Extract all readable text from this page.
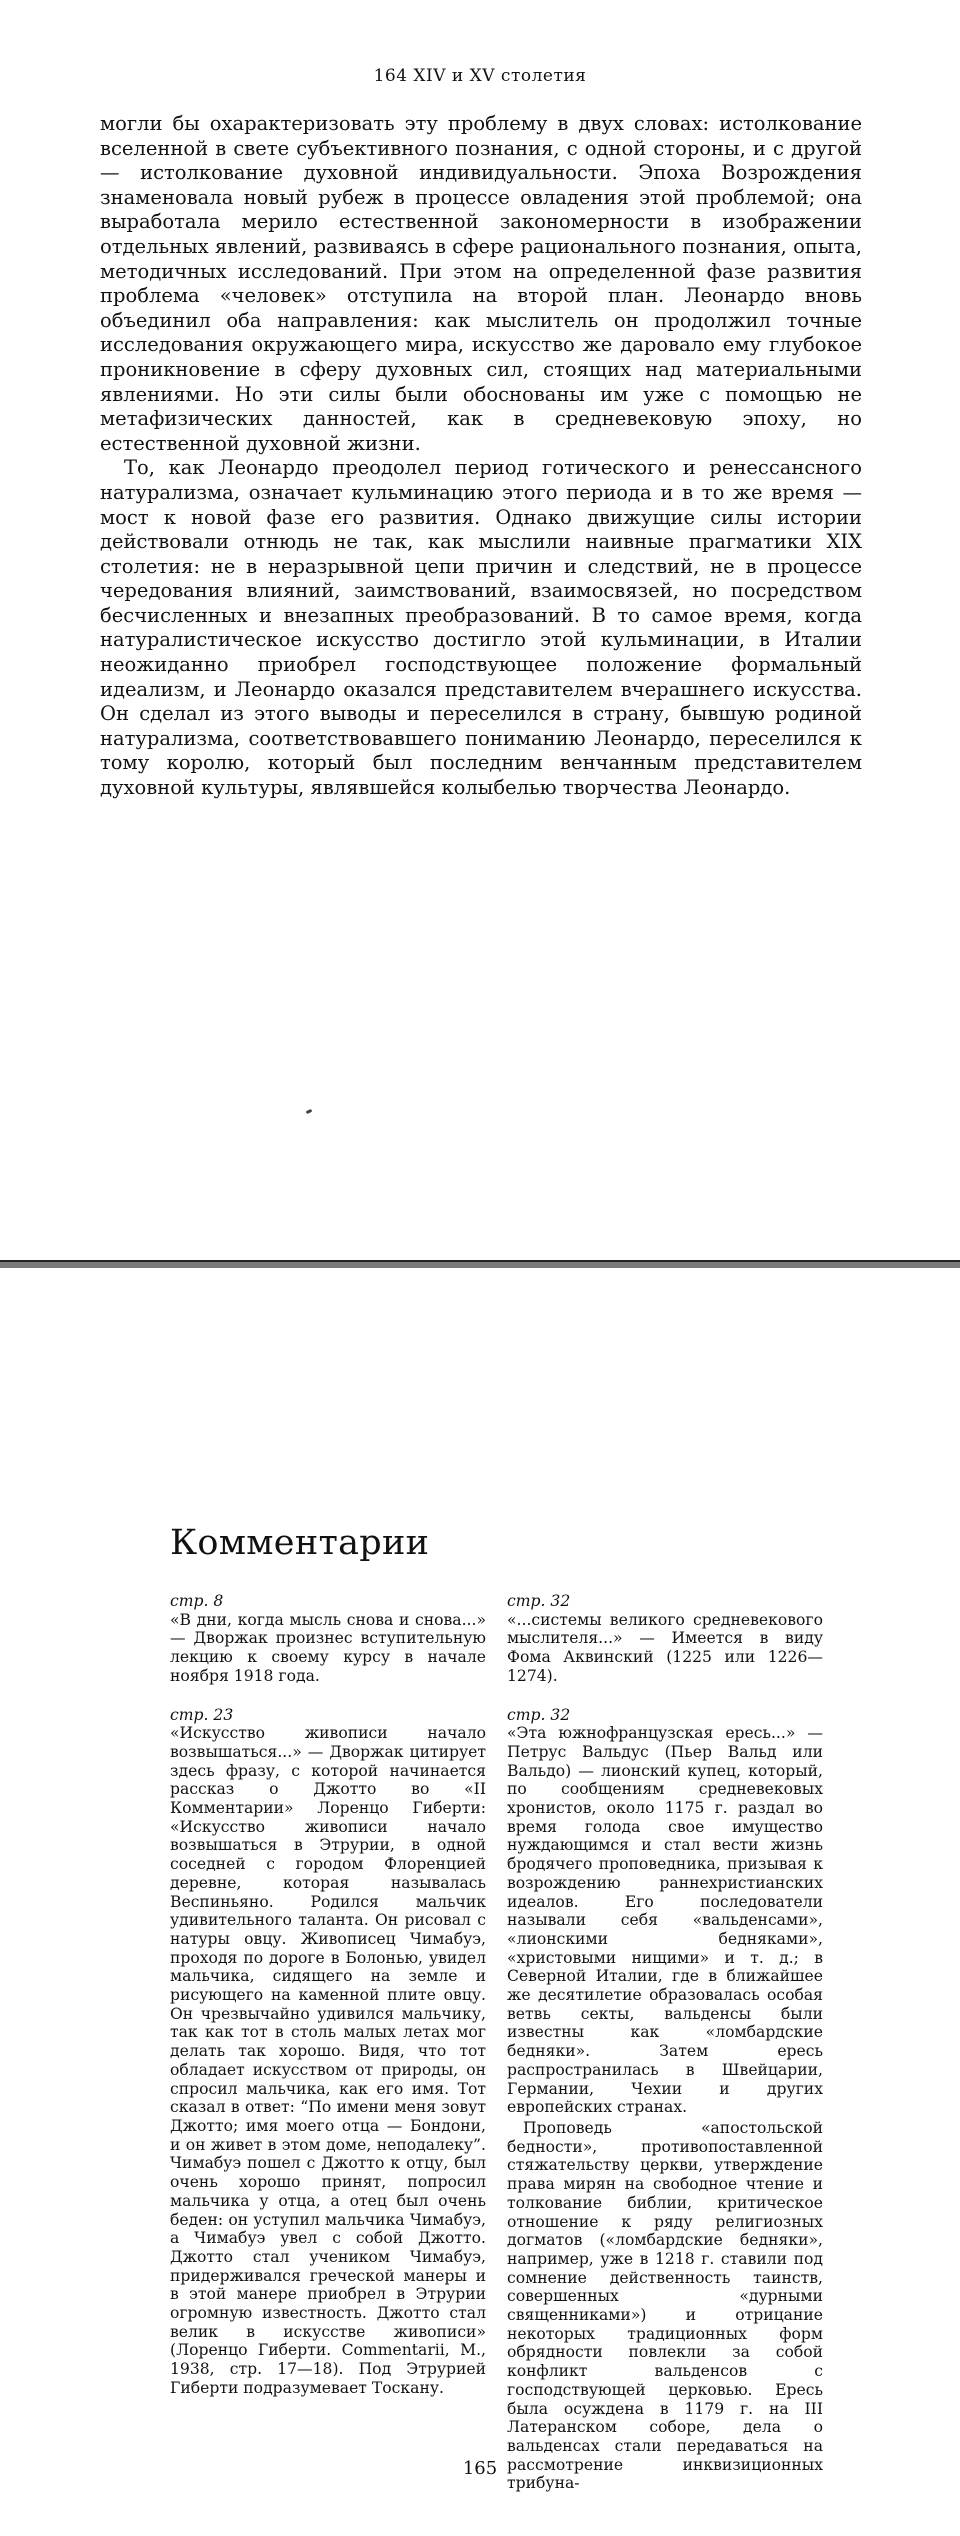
164 XIV и XV столетия

могли бы охарактеризовать эту проблему в двух словах: истолкование вселенной в свете субъективного познания, с одной стороны, и с другой — истолкование духовной индивидуальности. Эпоха Возрождения знаменовала новый рубеж в процессе овладения этой проблемой; она выработала мерило естественной закономерности в изображении отдельных явлений, развиваясь в сфере рационального познания, опыта, методичных исследований. При этом на определенной фазе развития проблема «человек» отступила на второй план. Леонардо вновь объединил оба направления: как мыслитель он продолжил точные исследования окружающего мира, искусство же даровало ему глубокое проникновение в сферу духовных сил, стоящих над материальными явлениями. Но эти силы были обоснованы им уже с помощью не метафизических данностей, как в средневековую эпоху, но естественной духовной жизни.

То, как Леонардо преодолел период готического и ренессансного натурализма, означает кульминацию этого периода и в то же время — мост к новой фазе его развития. Однако движущие силы истории действовали отнюдь не так, как мыслили наивные прагматики XIX столетия: не в неразрывной цепи причин и следствий, не в процессе чередования влияний, заимствований, взаимосвязей, но посредством бесчисленных и внезапных преобразований. В то самое время, когда натуралистическое искусство достигло этой кульминации, в Италии неожиданно приобрел господствующее положение формальный идеализм, и Леонардо оказался представителем вчерашнего искусства. Он сделал из этого выводы и переселился в страну, бывшую родиной натурализма, соответствовавшего пониманию Леонардо, переселился к тому королю, который был последним венчанным представителем духовной культуры, являвшейся колыбелью творчества Леонардо.

Комментарии
стр. 8

«В дни, когда мысль снова и снова...» — Дворжак произнес вступительную лекцию к своему курсу в начале ноября 1918 года.

стр. 23

«Искусство живописи начало возвышаться...» — Дворжак цитирует здесь фразу, с которой начинается рассказ о Джотто во «II Комментарии» Лоренцо Гиберти: «Искусство живописи начало возвышаться в Этрурии, в одной соседней с городом Флоренцией деревне, которая называлась Веспиньяно. Родился мальчик удивительного таланта. Он рисовал с натуры овцу. Живописец Чимабуэ, проходя по дороге в Болонью, увидел мальчика, сидящего на земле и рисующего на каменной плите овцу. Он чрезвычайно удивился мальчику, так как тот в столь малых летах мог делать так хорошо. Видя, что тот обладает искусством от природы, он спросил мальчика, как его имя. Тот сказал в ответ: “По имени меня зовут Джотто; имя моего отца — Бондони, и он живет в этом доме, неподалеку”. Чимабуэ пошел с Джотто к отцу, был очень хорошо принят, попросил мальчика у отца, а отец был очень беден: он уступил мальчика Чимабуэ, а Чимабуэ увел с собой Джотто. Джотто стал учеником Чимабуэ, придерживался греческой манеры и в этой манере приобрел в Этрурии огромную известность. Джотто стал велик в искусстве живописи» (Лоренцо Гиберти. Commentarii, М., 1938, стр. 17—18). Под Этрурией Гиберти подразумевает Тоскану.

стр. 32

«...системы великого средневекового мыслителя...» — Имеется в виду Фома Аквинский (1225 или 1226—1274).

стр. 32

«Эта южнофранцузская ересь...» — Петрус Вальдус (Пьер Вальд или Вальдо) — лионский купец, который, по сообщениям средневековых хронистов, около 1175 г. раздал во время голода свое имущество нуждающимся и стал вести жизнь бродячего проповедника, призывая к возрождению раннехристианских идеалов. Его последователи называли себя «вальденсами», «лионскими бедняками», «христовыми нищими» и т. д.; в Северной Италии, где в ближайшее же десятилетие образовалась особая ветвь секты, вальденсы были известны как «ломбардские бедняки». Затем ересь распространилась в Швейцарии, Германии, Чехии и других европейских странах.

Проповедь «апостольской бедности», противопоставленной стяжательству церкви, утверждение права мирян на свободное чтение и толкование библии, критическое отношение к ряду религиозных догматов («ломбардские бедняки», например, уже в 1218 г. ставили под сомнение действенность таинств, совершенных «дурными священниками») и отрицание некоторых традиционных форм обрядности повлекли за собой конфликт вальденсов с господствующей церковью. Ересь была осуждена в 1179 г. на III Латеранском соборе, дела о вальденсах стали передаваться на рассмотрение инквизиционных трибуна-

165
